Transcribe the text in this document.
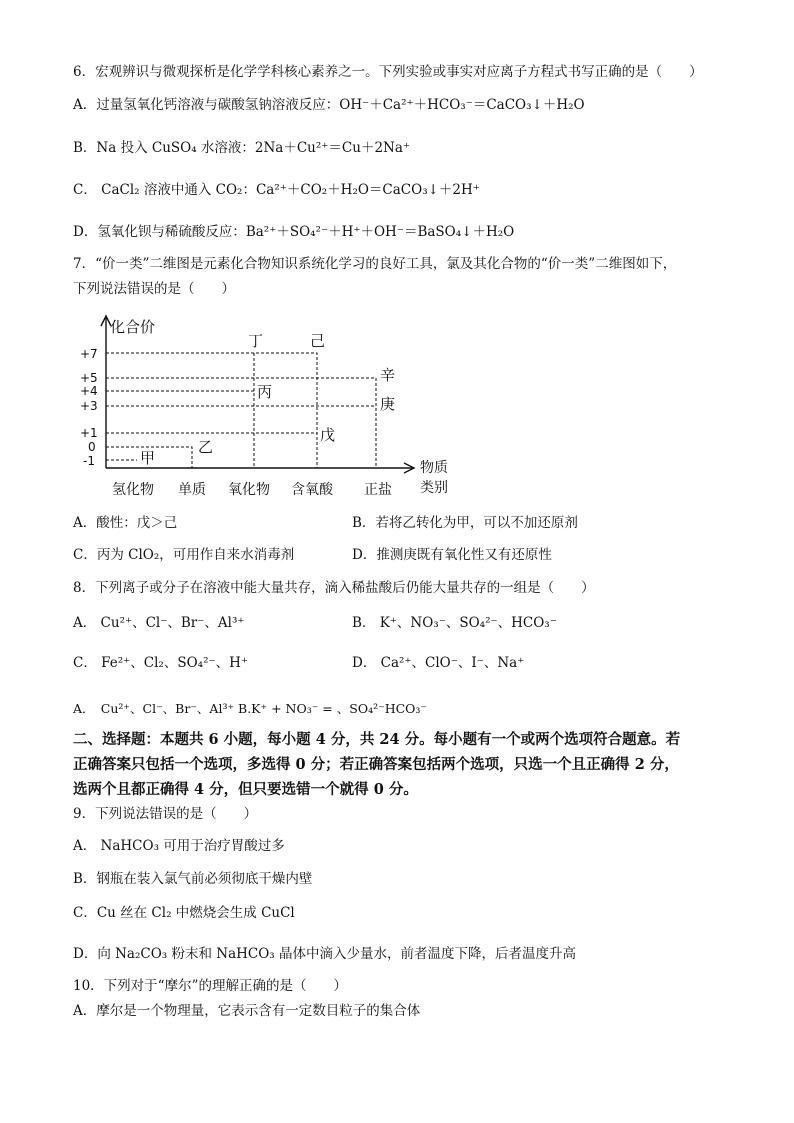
6．宏观辨识与微观探析是化学学科核心素养之一。下列实验或事实对应离子方程式书写正确的是（　　）
A．过量氢氧化钙溶液与碳酸氢钠溶液反应：OH⁻＋Ca²⁺＋HCO₃⁻＝CaCO₃↓＋H₂O
B．Na 投入 CuSO₄ 水溶液：2Na＋Cu²⁺＝Cu＋2Na⁺
C． CaCl₂ 溶液中通入 CO₂：Ca²⁺＋CO₂＋H₂O＝CaCO₃↓＋2H⁺
D．氢氧化钡与稀硫酸反应：Ba²⁺＋SO₄²⁻＋H⁺＋OH⁻＝BaSO₄↓＋H₂O
7．“价一类”二维图是元素化合物知识系统化学习的良好工具，氯及其化合物的“价一类”二维图如下，
下列说法错误的是（　　）
化合价
物质
类别
+7
+5
+4
+3
+1
0
-1
氢化物 单质 氧化物 含氧酸 正盐
甲
乙
丙
丁
戊
己
辛
庚
A．酸性：戊＞己	B．若将乙转化为甲，可以不加还原剂
C．丙为 ClO₂，可用作自来水消毒剂	D．推测庚既有氧化性又有还原性
8．下列离子或分子在溶液中能大量共存，滴入稀盐酸后仍能大量共存的一组是（　　）
A． Cu²⁺、Cl⁻、Br⁻、Al³⁺	B． K⁺、NO₃⁻、SO₄²⁻、HCO₃⁻
C． Fe²⁺、Cl₂、SO₄²⁻、H⁺	D． Ca²⁺、ClO⁻、I⁻、Na⁺
A．　Cu²⁺、Cl⁻、Br⁻、Al³⁺ B.K⁺ + NO₃⁻ = 、SO₄²⁻HCO₃⁻
二、选择题：本题共 6 小题，每小题 4 分，共 24 分。每小题有一个或两个选项符合题意。若
正确答案只包括一个选项，多选得 0 分；若正确答案包括两个选项，只选一个且正确得 2 分，
选两个且都正确得 4 分，但只要选错一个就得 0 分。
9．下列说法错误的是（　　）
A． NaHCO₃ 可用于治疗胃酸过多
B．钢瓶在装入氯气前必须彻底干燥内壁
C．Cu 丝在 Cl₂ 中燃烧会生成 CuCl
D．向 Na₂CO₃ 粉末和 NaHCO₃ 晶体中滴入少量水，前者温度下降，后者温度升高
10．下列对于“摩尔”的理解正确的是（　　）
A．摩尔是一个物理量，它表示含有一定数目粒子的集合体
